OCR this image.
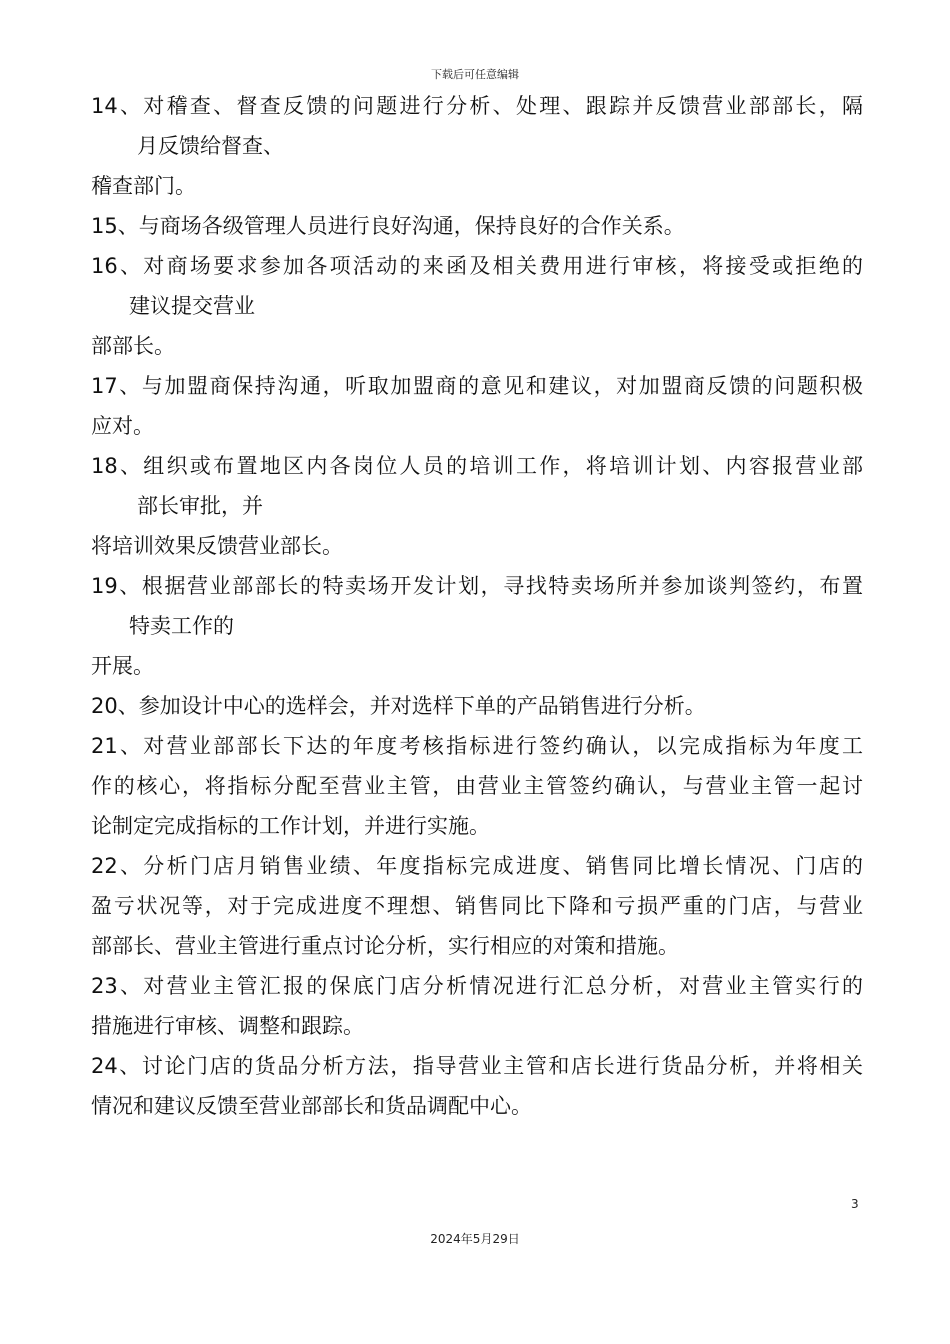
下载后可任意编辑
14、对稽查、督查反馈的问题进行分析、处理、跟踪并反馈营业部部长，隔
月反馈给督查、
稽查部门。
15、与商场各级管理人员进行良好沟通，保持良好的合作关系。
16、对商场要求参加各项活动的来函及相关费用进行审核，将接受或拒绝的
建议提交营业
部部长。
17、与加盟商保持沟通，听取加盟商的意见和建议，对加盟商反馈的问题积极
应对。
18、组织或布置地区内各岗位人员的培训工作，将培训计划、内容报营业部
部长审批，并
将培训效果反馈营业部长。
19、根据营业部部长的特卖场开发计划，寻找特卖场所并参加谈判签约，布置
特卖工作的
开展。
20、参加设计中心的选样会，并对选样下单的产品销售进行分析。
21、对营业部部长下达的年度考核指标进行签约确认，以完成指标为年度工
作的核心，将指标分配至营业主管，由营业主管签约确认，与营业主管一起讨
论制定完成指标的工作计划，并进行实施。
22、分析门店月销售业绩、年度指标完成进度、销售同比增长情况、门店的
盈亏状况等，对于完成进度不理想、销售同比下降和亏损严重的门店，与营业
部部长、营业主管进行重点讨论分析，实行相应的对策和措施。
23、对营业主管汇报的保底门店分析情况进行汇总分析，对营业主管实行的
措施进行审核、调整和跟踪。
24、讨论门店的货品分析方法，指导营业主管和店长进行货品分析，并将相关
情况和建议反馈至营业部部长和货品调配中心。
3
2024年5月29日
